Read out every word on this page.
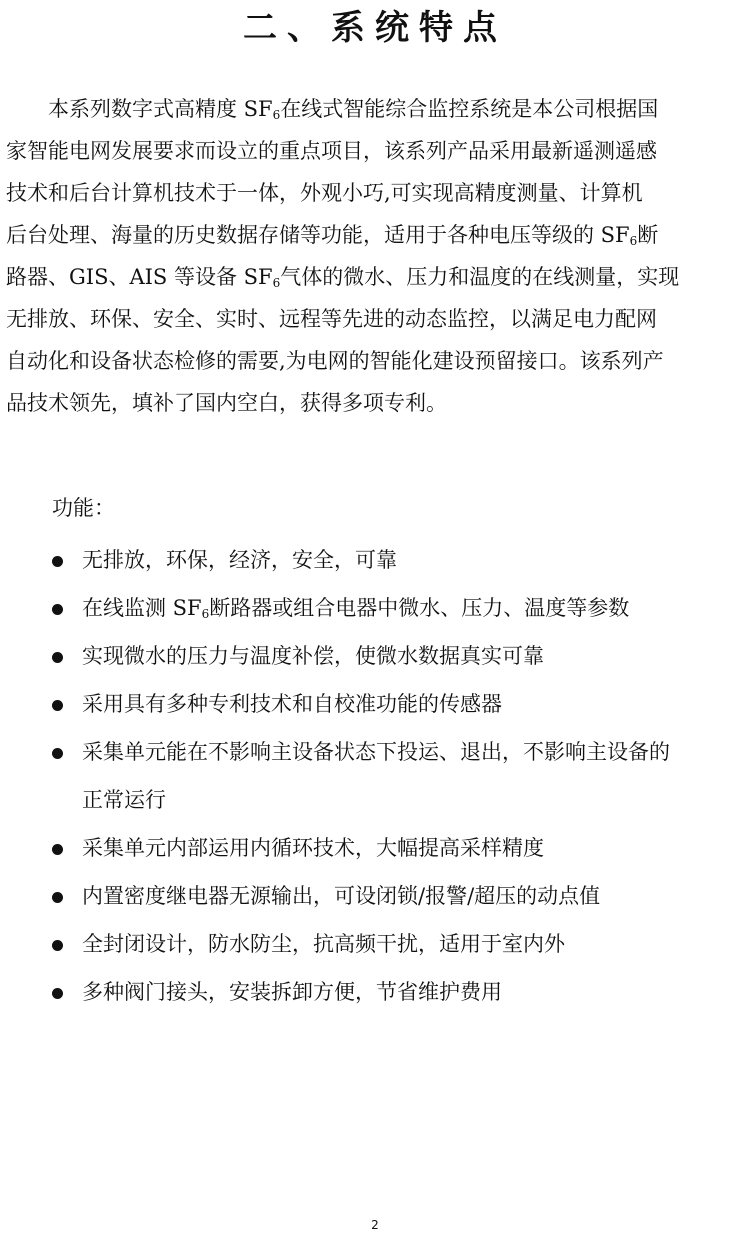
二、系统特点
本系列数字式高精度 $SF_6$在线式智能综合监控系统是本公司根据国
家智能电网发展要求而设立的重点项目，该系列产品采用最新遥测遥感
技术和后台计算机技术于一体，外观小巧,可实现高精度测量、计算机
后台处理、海量的历史数据存储等功能，适用于各种电压等级的 $SF_6$断
路器、GIS、AIS 等设备 $SF_6$气体的微水、压力和温度的在线测量，实现
无排放、环保、安全、实时、远程等先进的动态监控，以满足电力配网
自动化和设备状态检修的需要,为电网的智能化建设预留接口。该系列产
品技术领先，填补了国内空白，获得多项专利。
功能：
无排放，环保，经济，安全，可靠
在线监测 $SF_6$断路器或组合电器中微水、压力、温度等参数
实现微水的压力与温度补偿，使微水数据真实可靠
采用具有多种专利技术和自校准功能的传感器
采集单元能在不影响主设备状态下投运、退出，不影响主设备的
正常运行
采集单元内部运用内循环技术，大幅提高采样精度
内置密度继电器无源输出，可设闭锁/报警/超压的动点值
全封闭设计，防水防尘，抗高频干扰，适用于室内外
多种阀门接头，安装拆卸方便，节省维护费用
2
